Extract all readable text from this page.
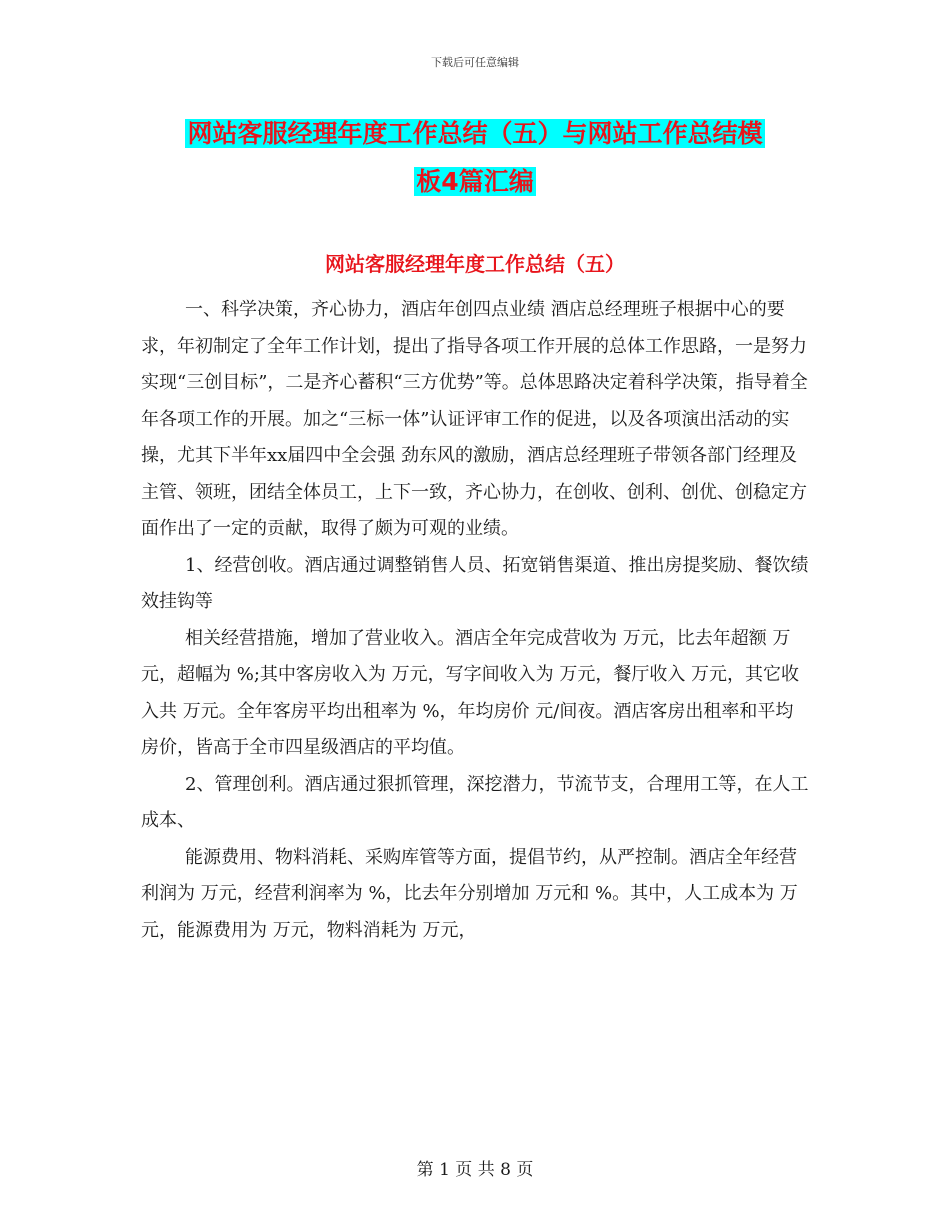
下载后可任意编辑
网站客服经理年度工作总结（五）与网站工作总结模
板4篇汇编
网站客服经理年度工作总结（五）

一、科学决策，齐心协力，酒店年创四点业绩 酒店总经理班子根据中心的要求，年初制定了全年工作计划，提出了指导各项工作开展的总体工作思路，一是努力实现“三创目标”，二是齐心蓄积“三方优势”等。总体思路决定着科学决策，指导着全年各项工作的开展。加之“三标一体”认证评审工作的促进，以及各项演出活动的实操，尤其下半年xx届四中全会强 劲东风的激励，酒店总经理班子带领各部门经理及主管、领班，团结全体员工，上下一致，齐心协力，在创收、创利、创优、创稳定方面作出了一定的贡献，取得了颇为可观的业绩。

1、经营创收。酒店通过调整销售人员、拓宽销售渠道、推出房提奖励、餐饮绩效挂钩等

相关经营措施，增加了营业收入。酒店全年完成营收为 万元，比去年超额 万元，超幅为 %;其中客房收入为 万元，写字间收入为 万元，餐厅收入 万元，其它收入共 万元。全年客房平均出租率为 %，年均房价 元/间夜。酒店客房出租率和平均房价，皆高于全市四星级酒店的平均值。

2、管理创利。酒店通过狠抓管理，深挖潜力，节流节支，合理用工等，在人工成本、

能源费用、物料消耗、采购库管等方面，提倡节约，从严控制。酒店全年经营利润为 万元，经营利润率为 %，比去年分别增加 万元和 %。其中，人工成本为 万元，能源费用为 万元，物料消耗为 万元，

第 1 页 共 8 页
